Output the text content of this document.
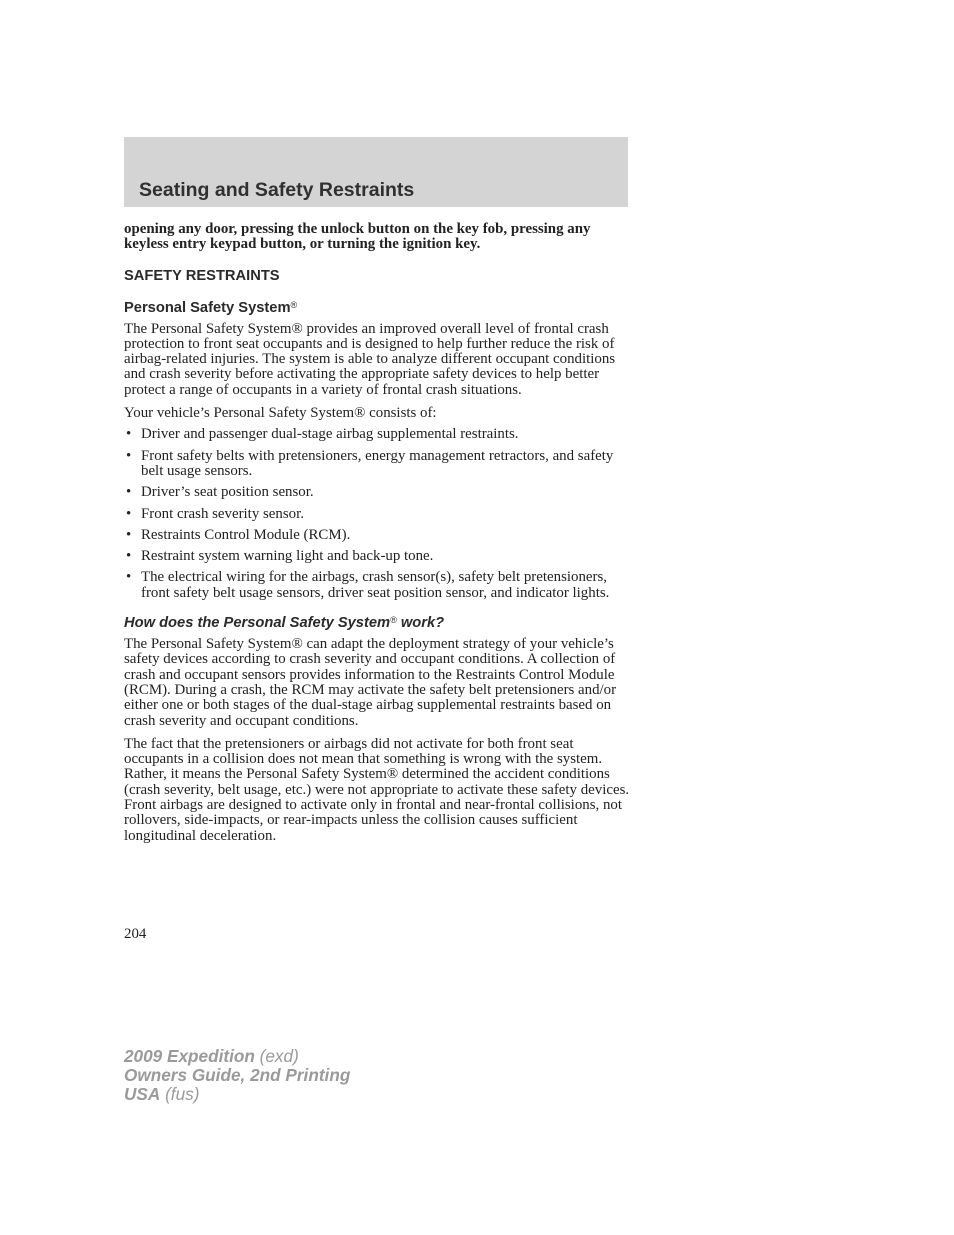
Seating and Safety Restraints

opening any door, pressing the unlock button on the key fob, pressing any keyless entry keypad button, or turning the ignition key.

SAFETY RESTRAINTS
Personal Safety System®

The Personal Safety System® provides an improved overall level of frontal crash protection to front seat occupants and is designed to help further reduce the risk of airbag-related injuries. The system is able to analyze different occupant conditions and crash severity before activating the appropriate safety devices to help better protect a range of occupants in a variety of frontal crash situations.

Your vehicle’s Personal Safety System® consists of:

• Driver and passenger dual-stage airbag supplemental restraints.
• Front safety belts with pretensioners, energy management retractors, and safety belt usage sensors.
• Driver’s seat position sensor.
• Front crash severity sensor.
• Restraints Control Module (RCM).
• Restraint system warning light and back-up tone.
• The electrical wiring for the airbags, crash sensor(s), safety belt pretensioners, front safety belt usage sensors, driver seat position sensor, and indicator lights.
How does the Personal Safety System® work?

The Personal Safety System® can adapt the deployment strategy of your vehicle’s safety devices according to crash severity and occupant conditions. A collection of crash and occupant sensors provides information to the Restraints Control Module (RCM). During a crash, the RCM may activate the safety belt pretensioners and/or either one or both stages of the dual-stage airbag supplemental restraints based on crash severity and occupant conditions.

The fact that the pretensioners or airbags did not activate for both front seat occupants in a collision does not mean that something is wrong with the system. Rather, it means the Personal Safety System® determined the accident conditions (crash severity, belt usage, etc.) were not appropriate to activate these safety devices. Front airbags are designed to activate only in frontal and near-frontal collisions, not rollovers, side-impacts, or rear-impacts unless the collision causes sufficient longitudinal deceleration.

204
2009 Expedition (exd)
Owners Guide, 2nd Printing
USA (fus)
